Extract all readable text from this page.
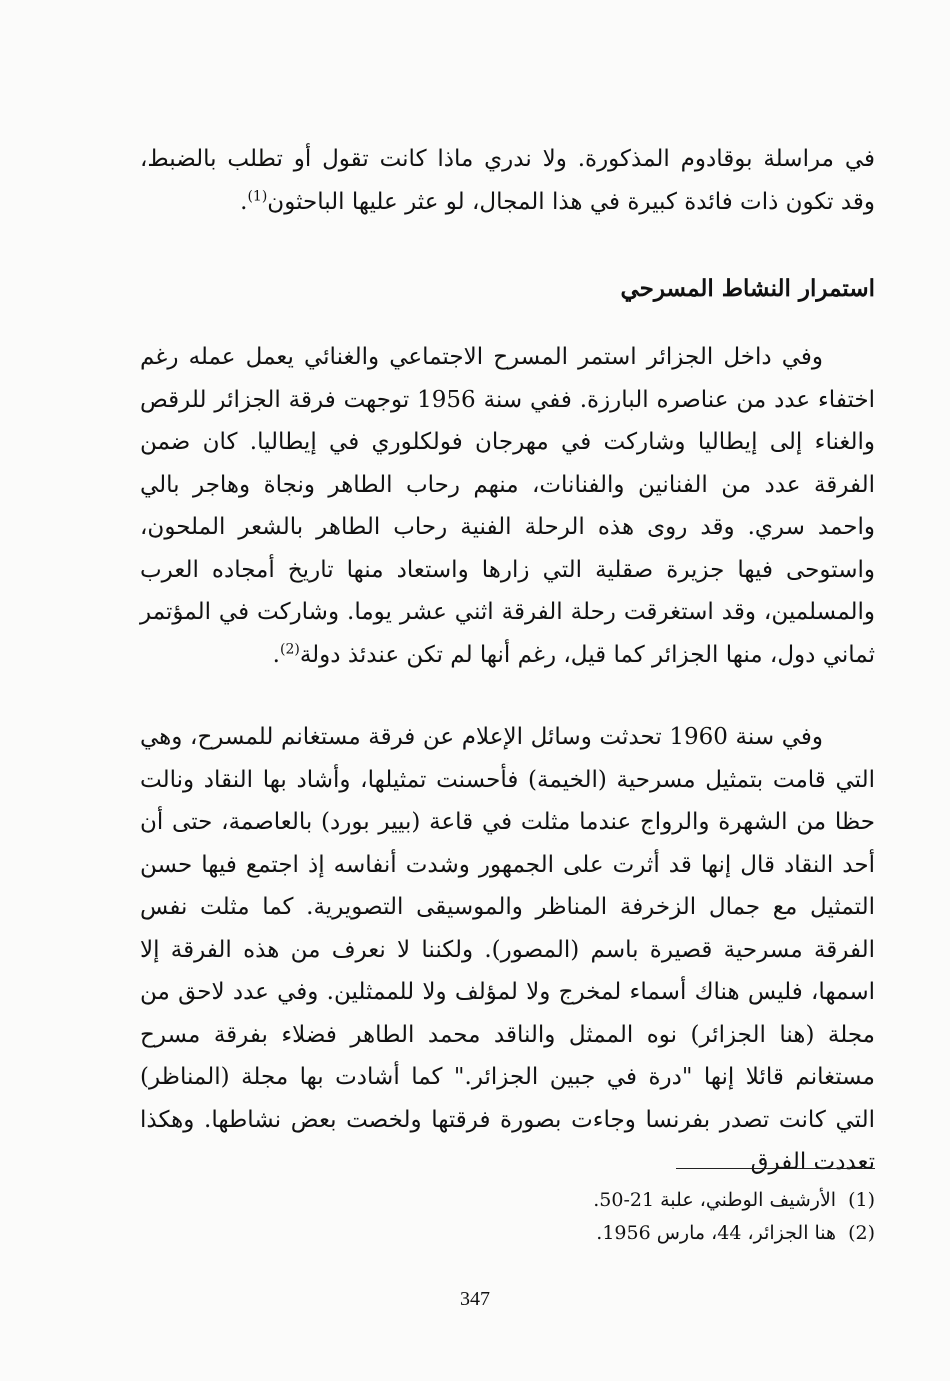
في مراسلة بوقادوم المذكورة. ولا ندري ماذا كانت تقول أو تطلب بالضبط، وقد تكون ذات فائدة كبيرة في هذا المجال، لو عثر عليها الباحثون$^{(1)}$.

استمرار النشاط المسرحي

وفي داخل الجزائر استمر المسرح الاجتماعي والغنائي يعمل عمله رغم اختفاء عدد من عناصره البارزة. ففي سنة 1956 توجهت فرقة الجزائر للرقص والغناء إلى إيطاليا وشاركت في مهرجان فولكلوري في إيطاليا. كان ضمن الفرقة عدد من الفنانين والفنانات، منهم رحاب الطاهر ونجاة وهاجر بالي واحمد سري. وقد روى هذه الرحلة الفنية رحاب الطاهر بالشعر الملحون، واستوحى فيها جزيرة صقلية التي زارها واستعاد منها تاريخ أمجاده العرب والمسلمين، وقد استغرقت رحلة الفرقة اثني عشر يوما. وشاركت في المؤتمر ثماني دول، منها الجزائر كما قيل، رغم أنها لم تكن عندئذ دولة$^{(2)}$.

وفي سنة 1960 تحدثت وسائل الإعلام عن فرقة مستغانم للمسرح، وهي التي قامت بتمثيل مسرحية (الخيمة) فأحسنت تمثيلها، وأشاد بها النقاد ونالت حظا من الشهرة والرواج عندما مثلت في قاعة (بيير بورد) بالعاصمة، حتى أن أحد النقاد قال إنها قد أثرت على الجمهور وشدت أنفاسه إذ اجتمع فيها حسن التمثيل مع جمال الزخرفة المناظر والموسيقى التصويرية. كما مثلت نفس الفرقة مسرحية قصيرة باسم (المصور). ولكننا لا نعرف من هذه الفرقة إلا اسمها، فليس هناك أسماء لمخرج ولا لمؤلف ولا للممثلين. وفي عدد لاحق من مجلة (هنا الجزائر) نوه الممثل والناقد محمد الطاهر فضلاء بفرقة مسرح مستغانم قائلا إنها "درة في جبين الجزائر." كما أشادت بها مجلة (المناظر) التي كانت تصدر بفرنسا وجاءت بصورة فرقتها ولخصت بعض نشاطها. وهكذا تعددت الفرق

(1)الأرشيف الوطني، علبة 21-50.
(2)هنا الجزائر، 44، مارس 1956.
347
